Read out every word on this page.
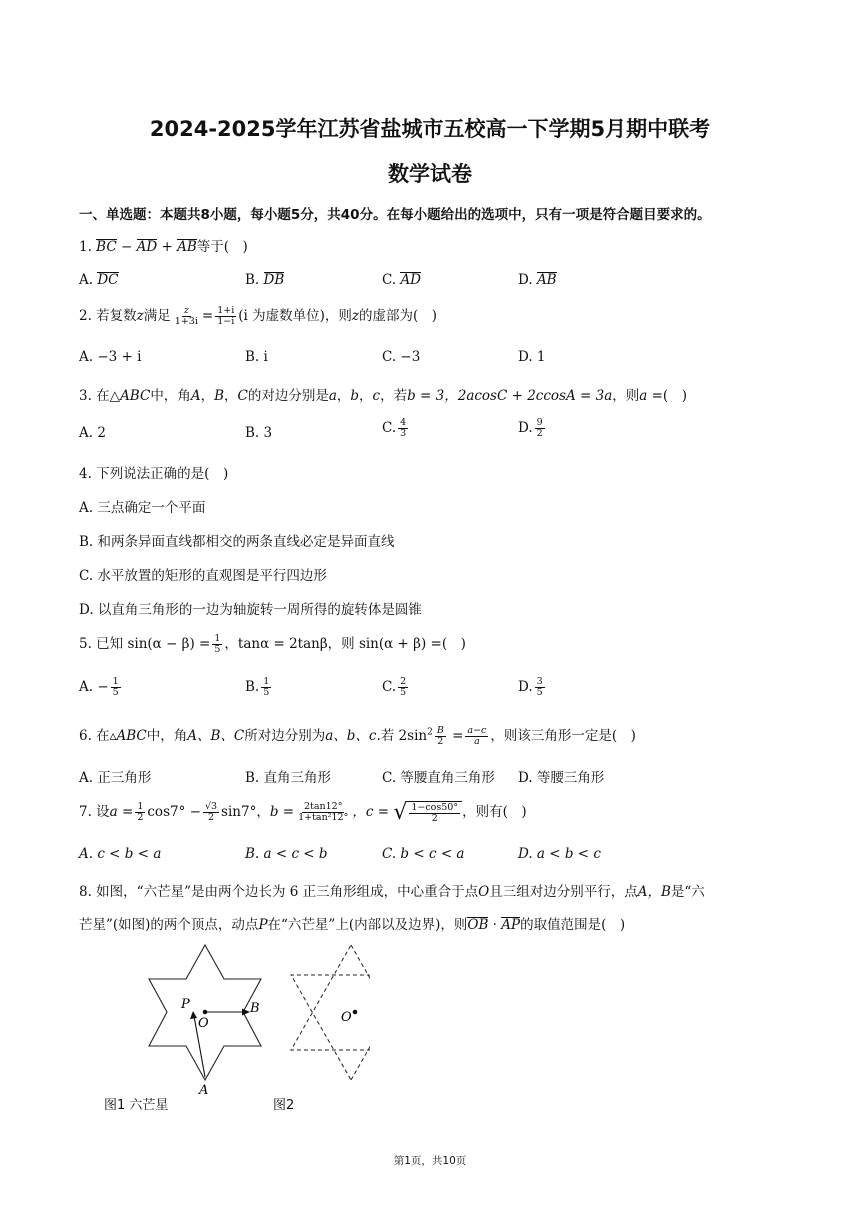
2024-2025学年江苏省盐城市五校高一下学期5月期中联考
数学试卷
一、单选题：本题共8小题，每小题5分，共40分。在每小题给出的选项中，只有一项是符合题目要求的。
1. BC − AD + AB等于(　)
A. DC	B. DB	C. AD	D. AB
2. 若复数z满足 $\frac{z}{1+3i} = \frac{1+i}{1-i} (i$ 为虚数单位)，则z的虚部为(　)
A. −3 + i	B. i	C. −3	D. 1
3. 在△ABC中，角A，B，C的对边分别是a，b，c，若b = 3，2acosC + 2ccosA = 3a，则a =(　)
A. 2	B. 3	C. $\frac{4}{3}$	D. $\frac{9}{2}$
4. 下列说法正确的是(　)
A. 三点确定一个平面
B. 和两条异面直线都相交的两条直线必定是异面直线
C. 水平放置的矩形的直观图是平行四边形
D. 以直角三角形的一边为轴旋转一周所得的旋转体是圆锥
5. 已知 $\sin(\alpha - \beta) = \frac{1}{5}$ ，tanα = 2tanβ，则 sin(α + β) =(　)
A. − $\frac{1}{5}$	B. $\frac{1}{5}$	C. $\frac{2}{5}$	D. $\frac{3}{5}$
6. 在▵ABC中，角A、B、C所对边分别为a、b、c.若 $2\sin^2 \frac{B}{2} = \frac{a-c}{a}$ ，则该三角形一定是(　)
A. 正三角形	B. 直角三角形	C. 等腰直角三角形 D. 等腰三角形
7. 设$a = \frac{1}{2} \cos 7^\circ - \frac{√3}{2} \sin 7^\circ$，$b = \frac{2\tan 12^\circ}{\text{1+tan²12°}}$ ，c = √ $\frac{1-\cos 50^\circ}{2}$ ，则有(　)
A. c < b < a	B. a < c < b	C. b < c < a	D. a < b < c
8. 如图，“六芒星”是由两个边长为 6 正三角形组成，中心重合于点O且三组对边分别平行，点A，B是“六
芒星”(如图)的两个顶点，动点P在“六芒星”上(内部以及边界)，则OB · AP的取值范围是(　)
P
O
B
A
O
图1 六芒星	图2
第1页，共10页
